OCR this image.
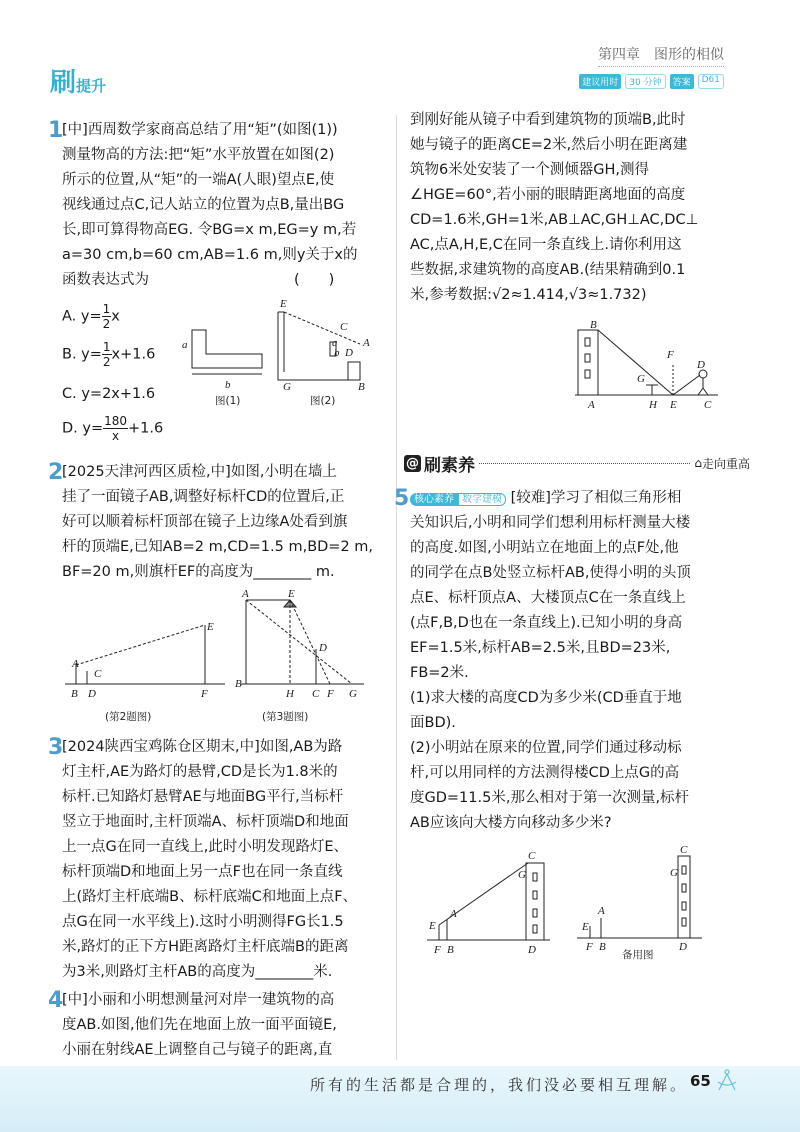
第四章　图形的相似
刷提升	建议用时	30 分钟	答案	D61
1
[中]西周数学家商高总结了用“矩”(如图(1))
测量物高的方法:把“矩”水平放置在如图(2)
所示的位置,从“矩”的一端A(人眼)望点E,使
视线通过点C,记人站立的位置为点B,量出BG
长,即可算得物高EG. 令BG=x m,EG=y m,若
a=30 cm,b=60 cm,AB=1.6 m,则y关于x的
函数表达式为　　　　　　　　　　(　　)
A. $y= \frac{1}{2}$ x
B. $y= \frac{1}{2} x+1.6$
C. y=2x+1.6
D. $y= \frac{180}{x} +1.6$
a
b
图(1)
E
C
A
D
b
a
G	B
图(2)
2
[2025天津河西区质检,中]如图,小明在墙上
挂了一面镜子AB,调整好标杆CD的位置后,正
好可以顺着标杆顶部在镜子上边缘A处看到旗
杆的顶端E,已知AB=2 m,CD=1.5 m,BD=2 m,
BF=20 m,则旗杆EF的高度为________ m.
A
E
C
B D	F
(第2题图)
A	E
B
D
H C F G
(第3题图)
3
[2024陕西宝鸡陈仓区期末,中]如图,AB为路
灯主杆,AE为路灯的悬臂,CD是长为1.8米的
标杆.已知路灯悬臂AE与地面BG平行,当标杆
竖立于地面时,主杆顶端A、标杆顶端D和地面
上一点G在同一直线上,此时小明发现路灯E、
标杆顶端D和地面上另一点F也在同一条直线
上(路灯主杆底端B、标杆底端C和地面上点F、
点G在同一水平线上).这时小明测得FG长1.5
米,路灯的正下方H距离路灯主杆底端B的距离
为3米,则路灯主杆AB的高度为________米.
4
[中]小丽和小明想测量河对岸一建筑物的高
度AB.如图,他们先在地面上放一面平面镜E,
小丽在射线AE上调整自己与镜子的距离,直
到刚好能从镜子中看到建筑物的顶端B,此时
她与镜子的距离CE=2米,然后小明在距离建
筑物6米处安装了一个测倾器GH,测得
∠HGE=60°,若小丽的眼睛距离地面的高度
CD=1.6米,GH=1米,AB⊥AC,GH⊥AC,DC⊥
AC,点A,H,E,C在同一条直线上.请你利用这
些数据,求建筑物的高度AB.(结果精确到0.1
米,参考数据:√2≈1.414,√3≈1.732)
B
F
D
G
A	H E C
@ 刷素养	⌂ 走向重高
5 核心素养 数学建模 [较难]学习了相似三角形相
关知识后,小明和同学们想利用标杆测量大楼
的高度.如图,小明站立在地面上的点F处,他
的同学在点B处竖立标杆AB,使得小明的头顶
点E、标杆顶点A、大楼顶点C在一条直线上
(点F,B,D也在一条直线上).已知小明的身高
EF=1.5米,标杆AB=2.5米,且BD=23米,
FB=2米.
(1)求大楼的高度CD为多少米(CD垂直于地
面BD).
(2)小明站在原来的位置,同学们通过移动标
杆,可以用同样的方法测得楼CD上点G的高
度GD=11.5米,那么相对于第一次测量,标杆
AB应该向大楼方向移动多少米?
C
G
A
E
F B	D
C
G
A
E
F B	D
备用图
所有的生活都是合理的，我们没必要相互理解。 65
